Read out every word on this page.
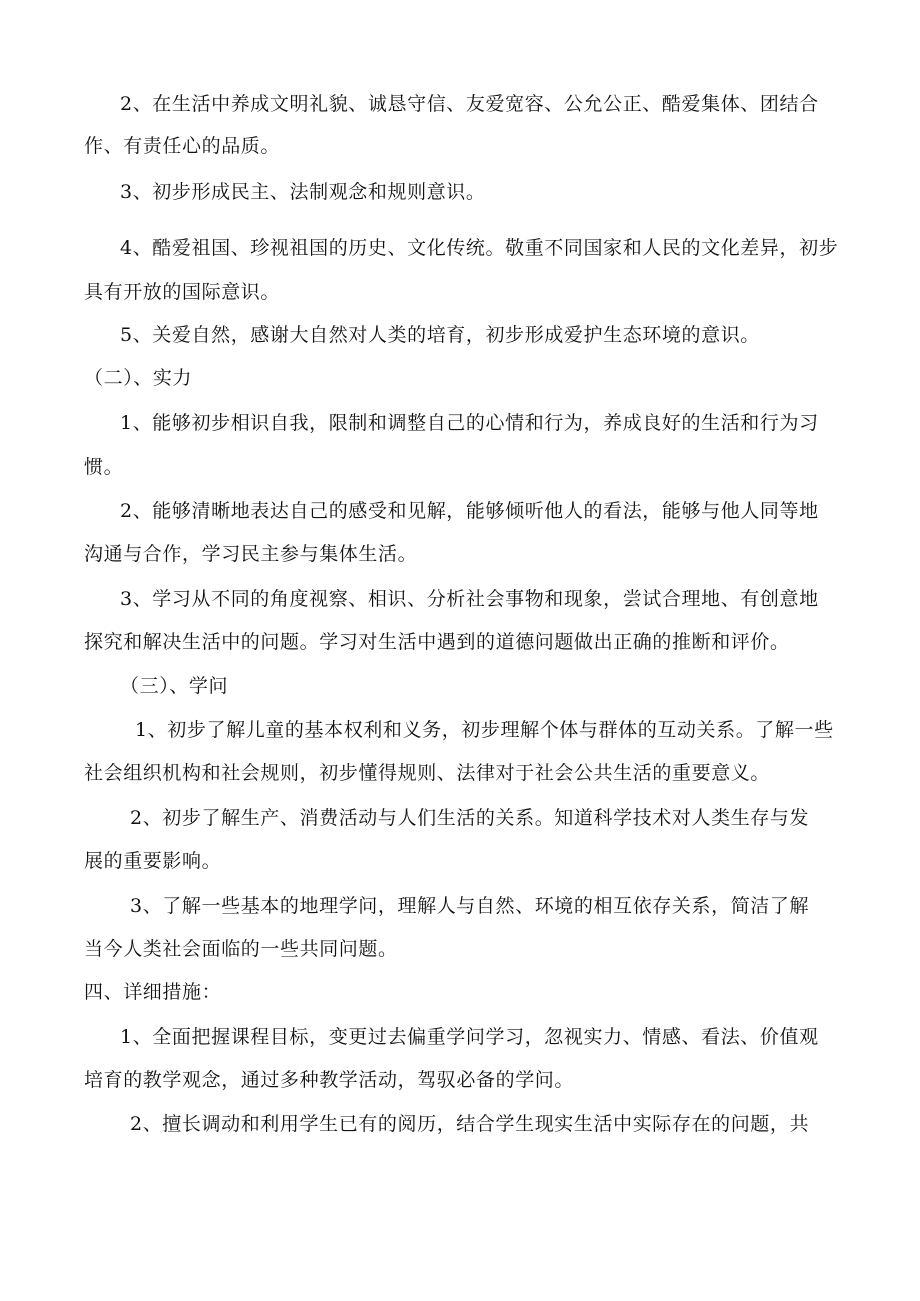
2、在生活中养成文明礼貌、诚恳守信、友爱宽容、公允公正、酷爱集体、团结合
作、有责任心的品质。
3、初步形成民主、法制观念和规则意识。
4、酷爱祖国、珍视祖国的历史、文化传统。敬重不同国家和人民的文化差异，初步
具有开放的国际意识。
5、关爱自然，感谢大自然对人类的培育，初步形成爱护生态环境的意识。
（二）、实力
1、能够初步相识自我，限制和调整自己的心情和行为，养成良好的生活和行为习
惯。
2、能够清晰地表达自己的感受和见解，能够倾听他人的看法，能够与他人同等地
沟通与合作，学习民主参与集体生活。
3、学习从不同的角度视察、相识、分析社会事物和现象，尝试合理地、有创意地
探究和解决生活中的问题。学习对生活中遇到的道德问题做出正确的推断和评价。
（三）、学问
1、初步了解儿童的基本权利和义务，初步理解个体与群体的互动关系。了解一些
社会组织机构和社会规则，初步懂得规则、法律对于社会公共生活的重要意义。
2、初步了解生产、消费活动与人们生活的关系。知道科学技术对人类生存与发
展的重要影响。
3、了解一些基本的地理学问，理解人与自然、环境的相互依存关系，简洁了解
当今人类社会面临的一些共同问题。
四、详细措施：
1、全面把握课程目标，变更过去偏重学问学习，忽视实力、情感、看法、价值观
培育的教学观念，通过多种教学活动，驾驭必备的学问。
2、擅长调动和利用学生已有的阅历，结合学生现实生活中实际存在的问题，共
